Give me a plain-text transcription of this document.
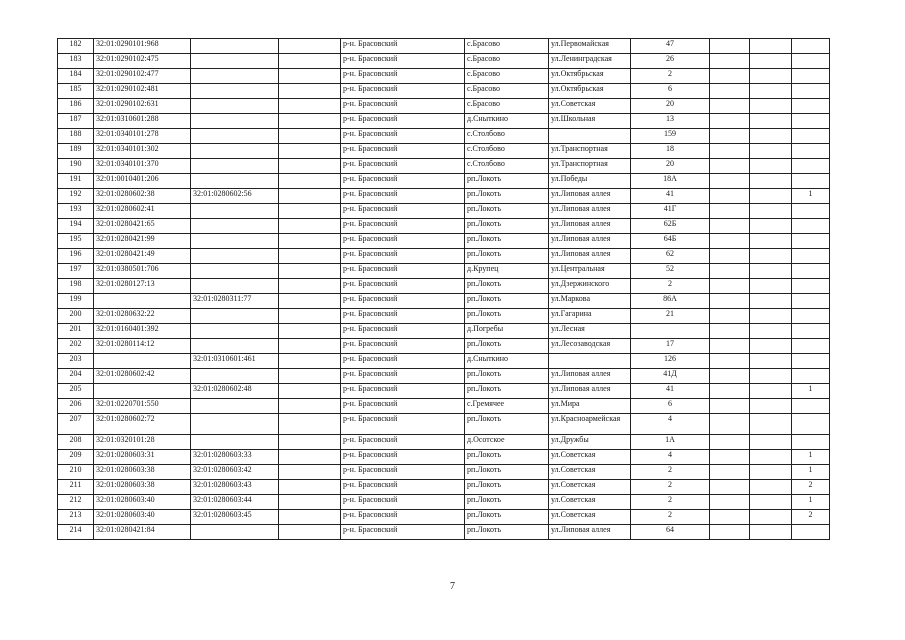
182	32:01:0290101:968			р-н. Брасовский	с.Брасово	ул.Первомайская	47			
183	32:01:0290102:475			р-н. Брасовский	с.Брасово	ул.Ленинградская	26			
184	32:01:0290102:477			р-н. Брасовский	с.Брасово	ул.Октябрьская	2			
185	32:01:0290102:481			р-н. Брасовский	с.Брасово	ул.Октябрьская	6			
186	32:01:0290102:631			р-н. Брасовский	с.Брасово	ул.Советская	20			
187	32:01:0310601:288			р-н. Брасовский	д.Сныткино	ул.Школьная	13			
188	32:01:0340101:278			р-н. Брасовский	с.Столбово		159			
189	32:01:0340101:302			р-н. Брасовский	с.Столбово	ул.Транспортная	18			
190	32:01:0340101:370			р-н. Брасовский	с.Столбово	ул.Транспортная	20			
191	32:01:0010401:206			р-н. Брасовский	рп.Локоть	ул.Победы	18А			
192	32:01:0280602:38	32:01:0280602:56		р-н. Брасовский	рп.Локоть	ул.Липовая аллея	41			1
193	32:01:0280602:41			р-н. Брасовский	рп.Локоть	ул.Липовая аллея	41Г			
194	32:01:0280421:65			р-н. Брасовский	рп.Локоть	ул.Липовая аллея	62Б			
195	32:01:0280421:99			р-н. Брасовский	рп.Локоть	ул.Липовая аллея	64Б			
196	32:01:0280421:49			р-н. Брасовский	рп.Локоть	ул.Липовая аллея	62			
197	32:01:0380501:706			р-н. Брасовский	д.Крупец	ул.Центральная	52			
198	32:01:0280127:13			р-н. Брасовский	рп.Локоть	ул.Дзержинского	2			
199		32:01:0280311:77		р-н. Брасовский	рп.Локоть	ул.Маркова	86А			
200	32:01:0280632:22			р-н. Брасовский	рп.Локоть	ул.Гагарина	21			
201	32:01:0160401:392			р-н. Брасовский	д.Погребы	ул.Лесная				
202	32:01:0280114:12			р-н. Брасовский	рп.Локоть	ул.Лесозаводская	17			
203		32:01:0310601:461		р-н. Брасовский	д.Сныткино		126			
204	32:01:0280602:42			р-н. Брасовский	рп.Локоть	ул.Липовая аллея	41Д			
205		32:01:0280602:48		р-н. Брасовский	рп.Локоть	ул.Липовая аллея	41			1
206	32:01:0220701:550			р-н. Брасовский	с.Гремячее	ул.Мира	6			
207	32:01:0280602:72			р-н. Брасовский	рп.Локоть	ул.Красноармейская	4			
208	32:01:0320101:28			р-н. Брасовский	д.Осотское	ул.Дружбы	1А			
209	32:01:0280603:31	32:01:0280603:33		р-н. Брасовский	рп.Локоть	ул.Советская	4			1
210	32:01:0280603:38	32:01:0280603:42		р-н. Брасовский	рп.Локоть	ул.Советская	2			1
211	32:01:0280603:38	32:01:0280603:43		р-н. Брасовский	рп.Локоть	ул.Советская	2			2
212	32:01:0280603:40	32:01:0280603:44		р-н. Брасовский	рп.Локоть	ул.Советская	2			1
213	32:01:0280603:40	32:01:0280603:45		р-н. Брасовский	рп.Локоть	ул.Советская	2			2
214	32:01:0280421:84			р-н. Брасовский	рп.Локоть	ул.Липовая аллея	64			
7
